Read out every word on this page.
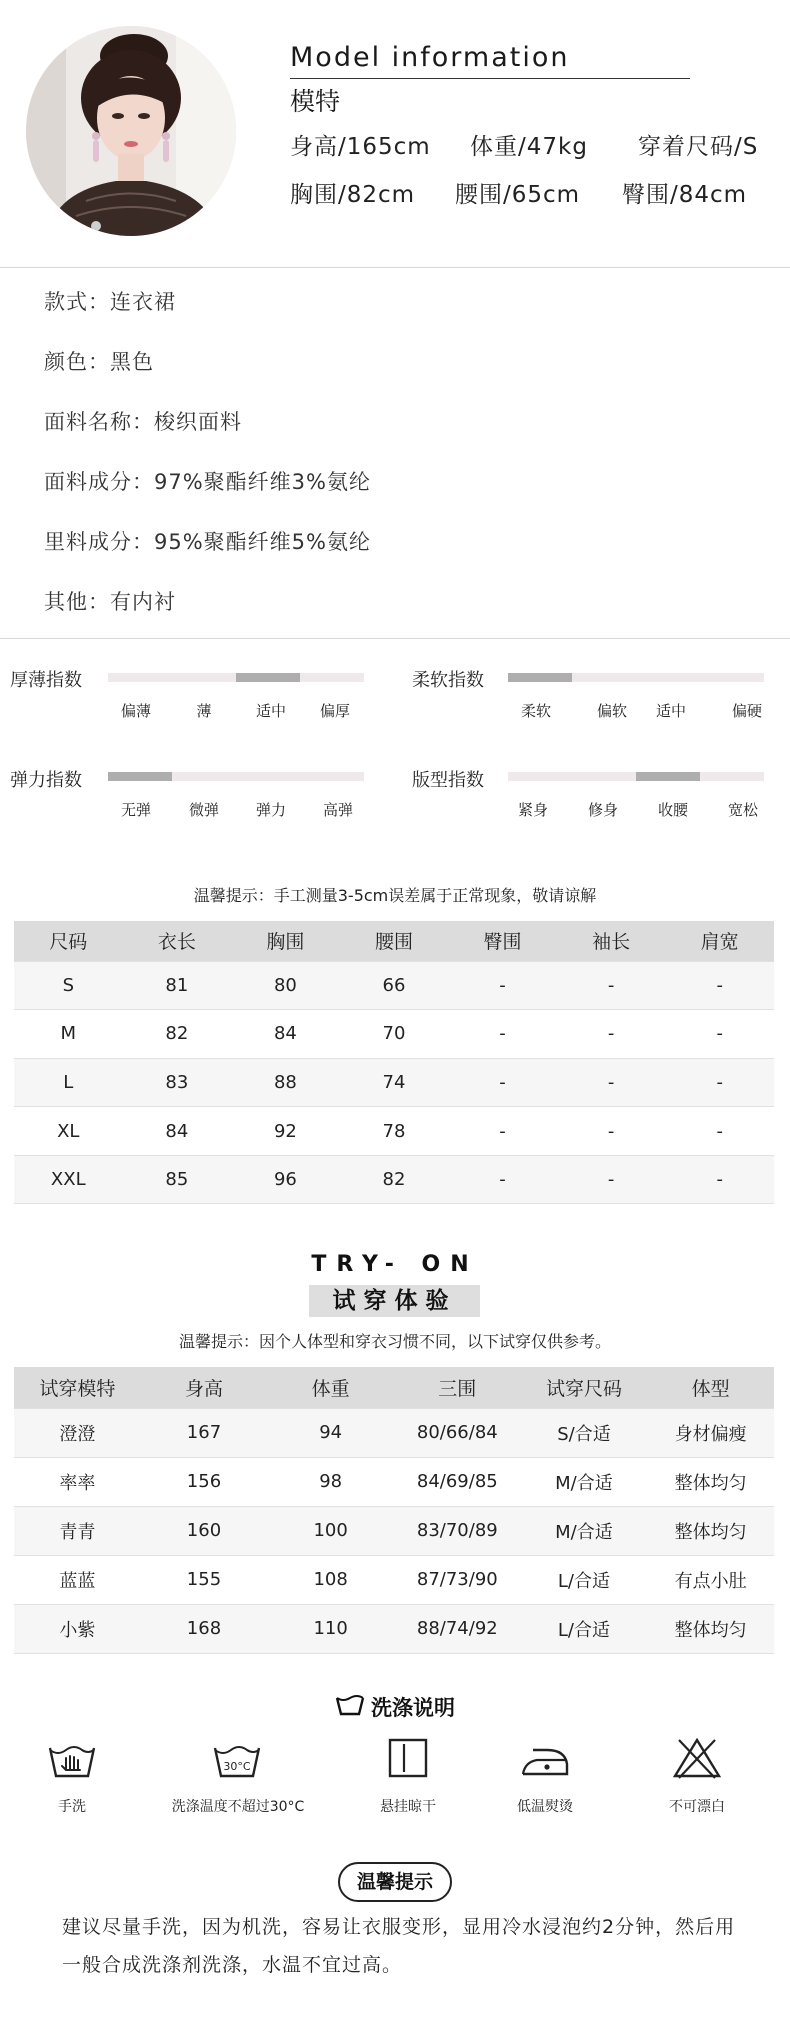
Model information
模特
身高/165cm 体重/47kg 穿着尺码/S
胸围/82cm 腰围/65cm 臀围/84cm
款式：连衣裙
颜色：黑色
面料名称：梭织面料
面料成分：97%聚酯纤维3%氨纶
里料成分：95%聚酯纤维5%氨纶
其他：有内衬
厚薄指数
偏薄	薄	适中 偏厚
柔软指数
柔软	偏软 适中	偏硬
弹力指数
无弹	微弹 弹力 高弹
版型指数
紧身	修身	收腰	宽松
温馨提示：手工测量3-5cm误差属于正常现象，敬请谅解
尺码	衣长	胸围	腰围	臀围	袖长	肩宽
S	81	80	66	-	-	-
M	82	84	70	-	-	-
L	83	88	74	-	-	-
XL	84	92	78	-	-	-
XXL	85	96	82	-	-	-
TRY- ON
试穿体验
温馨提示：因个人体型和穿衣习惯不同，以下试穿仅供参考。
试穿模特	身高	体重	三围	试穿尺码	体型
澄澄	167	94	80/66/84	S/合适	身材偏瘦
率率	156	98	84/69/85	M/合适	整体均匀
青青	160	100	83/70/89	M/合适	整体均匀
蓝蓝	155	108	87/73/90	L/合适	有点小肚
小紫	168	110	88/74/92	L/合适	整体均匀
洗涤说明
手洗
30°C
洗涤温度不超过30°C	悬挂晾干	低温熨烫	不可漂白
温馨提示
建议尽量手洗，因为机洗，容易让衣服变形，显用冷水浸泡约2分钟，然后用一般合成洗涤剂洗涤，水温不宜过高。
